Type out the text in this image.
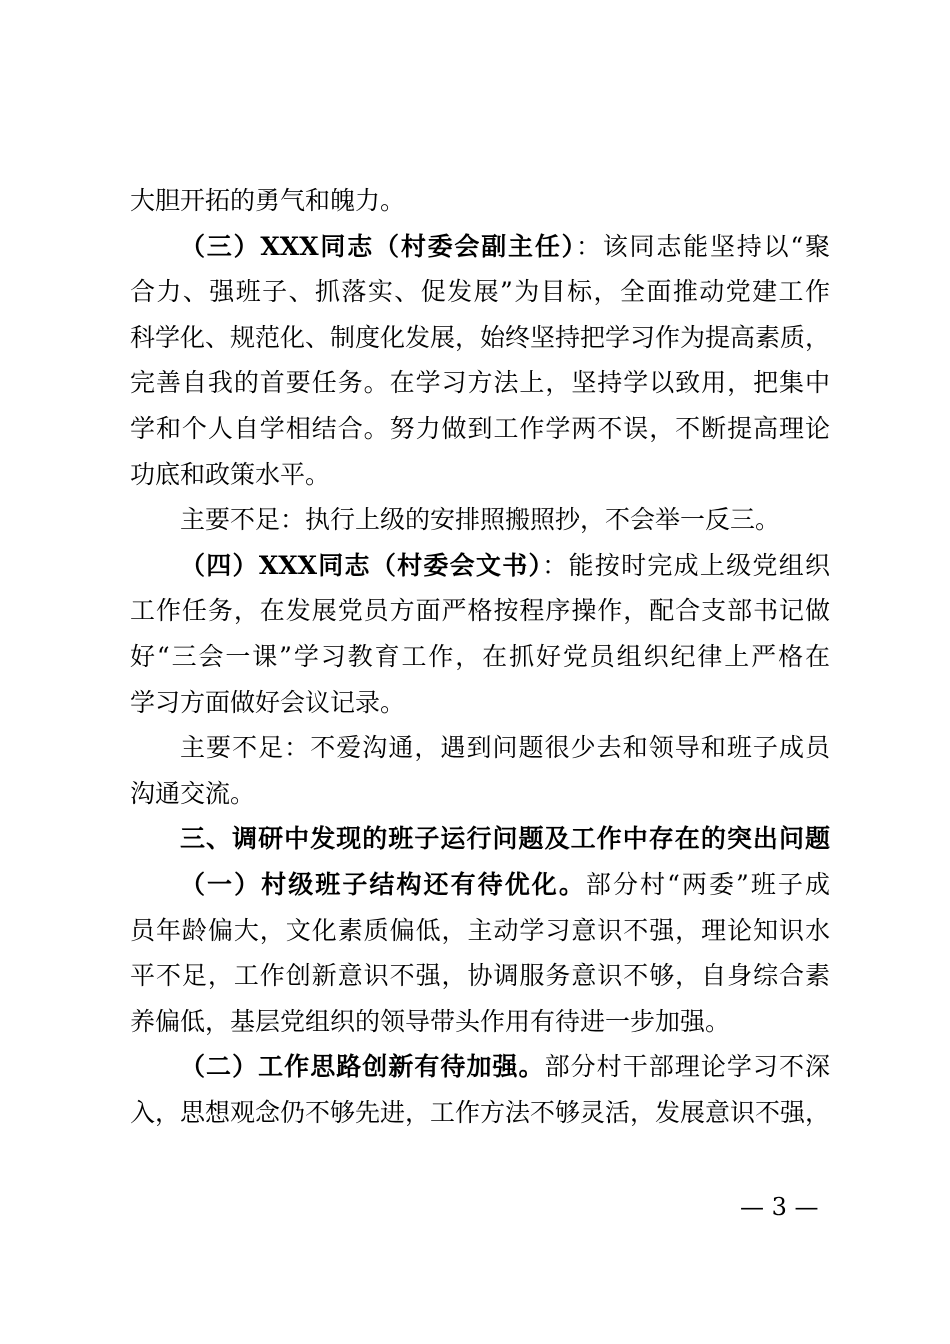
大胆开拓的勇气和魄力。
（三）XXX同志（村委会副主任）：该同志能坚持以“聚
合力、强班子、抓落实、促发展”为目标，全面推动党建工作
科学化、规范化、制度化发展，始终坚持把学习作为提高素质，
完善自我的首要任务。在学习方法上，坚持学以致用，把集中
学和个人自学相结合。努力做到工作学两不误，不断提高理论
功底和政策水平。
主要不足：执行上级的安排照搬照抄，不会举一反三。
（四）XXX同志（村委会文书）：能按时完成上级党组织
工作任务，在发展党员方面严格按程序操作，配合支部书记做
好“三会一课”学习教育工作，在抓好党员组织纪律上严格在
学习方面做好会议记录。
主要不足：不爱沟通，遇到问题很少去和领导和班子成员
沟通交流。
三、调研中发现的班子运行问题及工作中存在的突出问题
（一）村级班子结构还有待优化。部分村“两委”班子成
员年龄偏大，文化素质偏低，主动学习意识不强，理论知识水
平不足，工作创新意识不强，协调服务意识不够，自身综合素
养偏低，基层党组织的领导带头作用有待进一步加强。
（二）工作思路创新有待加强。部分村干部理论学习不深
入，思想观念仍不够先进，工作方法不够灵活，发展意识不强，
— 3 —
